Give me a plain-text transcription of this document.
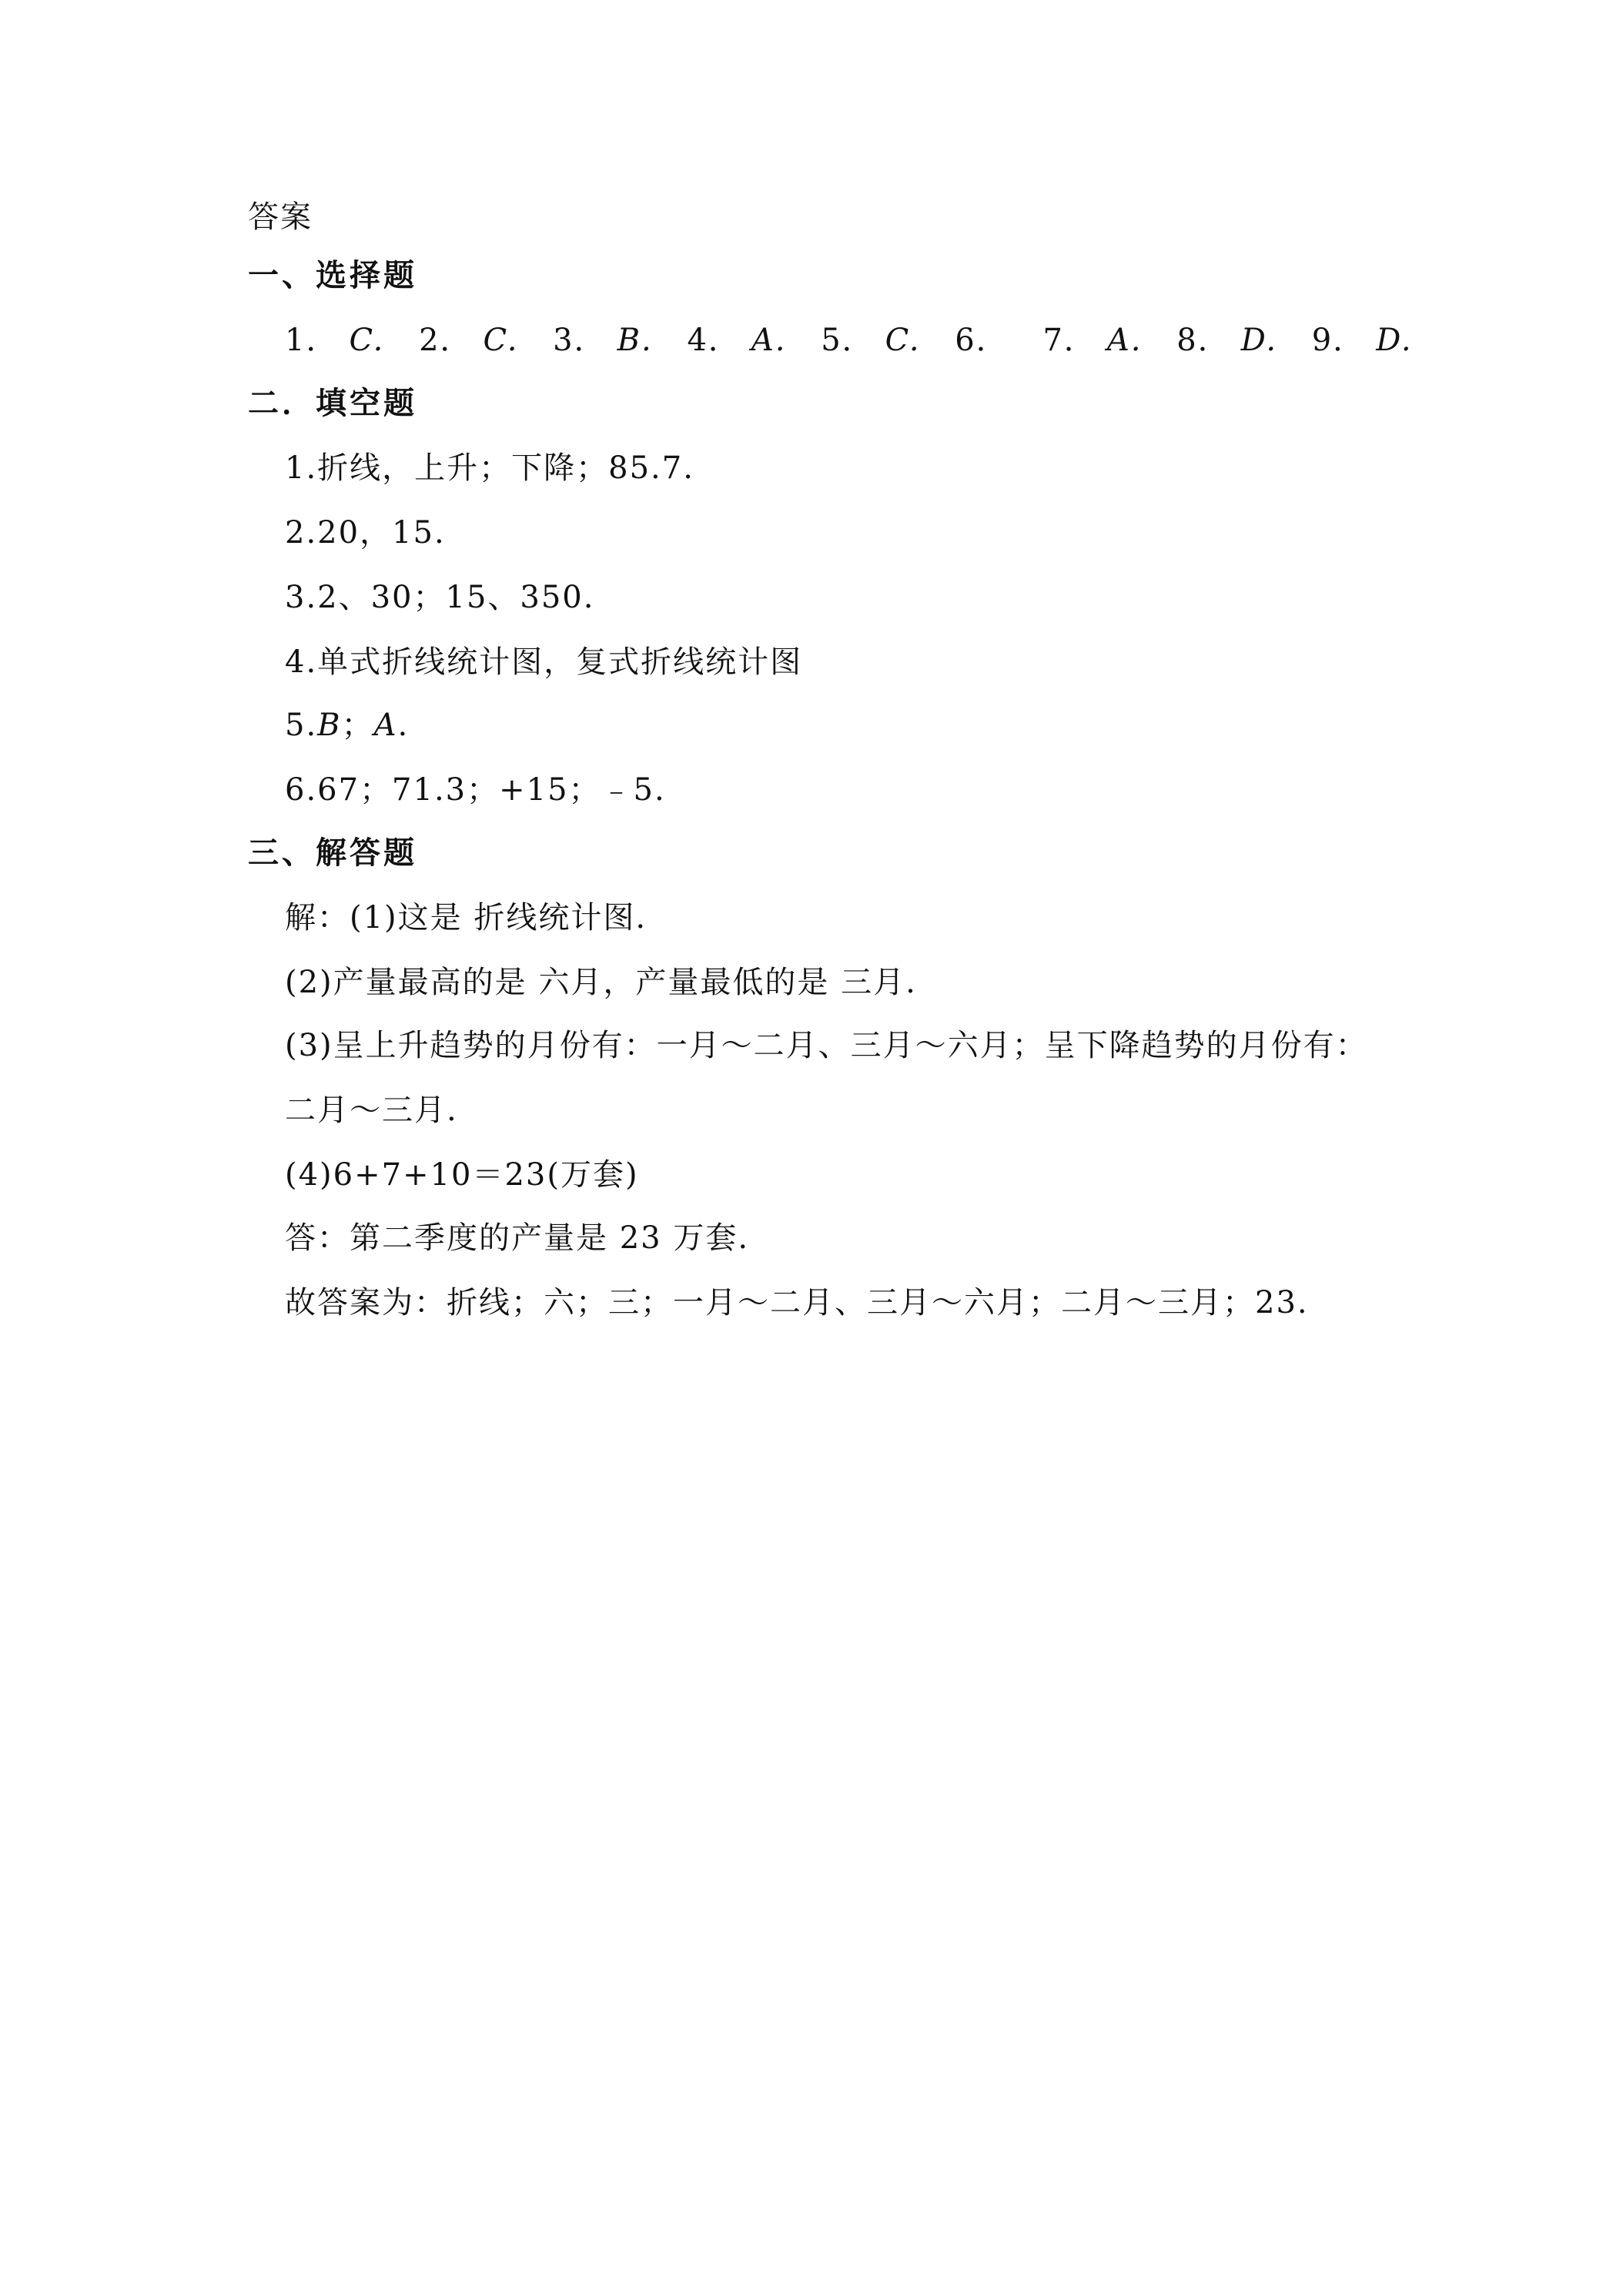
答案
一、选择题
1． C. 2． C. 3． B. 4． A. 5． C. 6． 7． A. 8． D. 9． D.
二．填空题
1.折线，上升；下降；85.7.
2.20，15.
3.2、30；15、350.
4.单式折线统计图，复式折线统计图
5.B；A.
6.67；71.3；+15；﹣5.
三、解答题
解：(1)这是 折线统计图.
(2)产量最高的是 六月，产量最低的是 三月.
(3)呈上升趋势的月份有：一月～二月、三月～六月；呈下降趋势的月份有：
二月～三月.
(4)6+7+10＝23(万套)
答：第二季度的产量是 23 万套.
故答案为：折线；六；三；一月～二月、三月～六月；二月～三月；23.
